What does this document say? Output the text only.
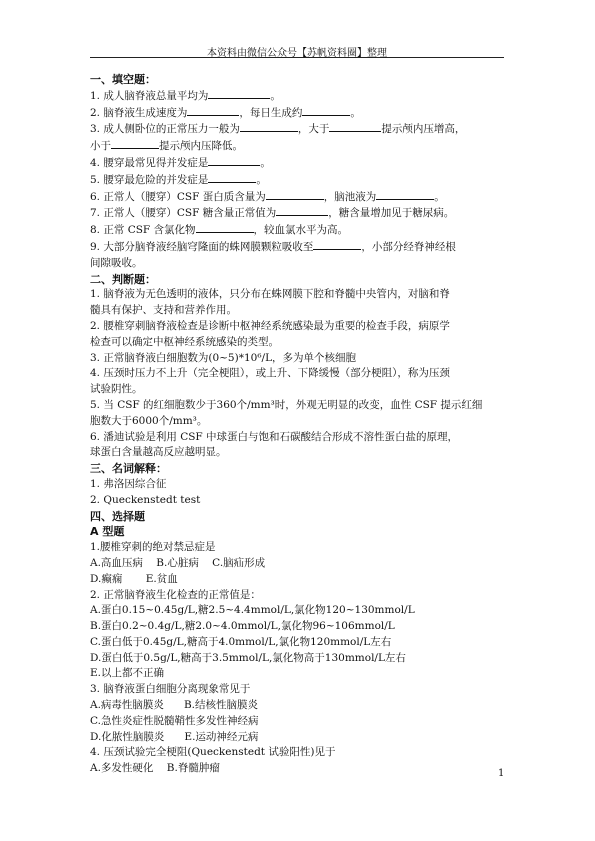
本资料由微信公众号【苏帆资料圈】整理

一、填空题：

1. 成人脑脊液总量平均为	。

2. 脑脊液生成速度为	，每日生成约	。

3. 成人侧卧位的正常压力一般为	，大于	提示颅内压增高，

小于	提示颅内压降低。

4. 腰穿最常见得并发症是	。

5. 腰穿最危险的并发症是	。

6. 正常人（腰穿）CSF 蛋白质含量为	，脑池液为	。

7. 正常人（腰穿）CSF 糖含量正常值为	，糖含量增加见于糖尿病。

8. 正常 CSF 含氯化物	，较血氯水平为高。

9. 大部分脑脊液经脑穹隆面的蛛网膜颗粒吸收至	，小部分经脊神经根

间隙吸收。

二、判断题：

1. 脑脊液为无色透明的液体，只分布在蛛网膜下腔和脊髓中央管内，对脑和脊

髓具有保护、支持和营养作用。

2. 腰椎穿刺脑脊液检查是诊断中枢神经系统感染最为重要的检查手段，病原学

检查可以确定中枢神经系统感染的类型。

3. 正常脑脊液白细胞数为(0~5)*10⁶/L，多为单个核细胞

4. 压颈时压力不上升（完全梗阻），或上升、下降缓慢（部分梗阻），称为压颈

试验阴性。

5. 当 CSF 的红细胞数少于360个/mm³时，外观无明显的改变，血性 CSF 提示红细

胞数大于6000个/mm³。

6. 潘迪试验是利用 CSF 中球蛋白与饱和石碳酸结合形成不溶性蛋白盐的原理，

球蛋白含量越高反应越明显。

三、名词解释：

1. 弗洛因综合征

2. Queckenstedt test

四、选择题

A 型题

1.腰椎穿刺的绝对禁忌症是

A.高血压病    B.心脏病    C.脑疝形成

D.癫痫       E.贫血

2. 正常脑脊液生化检查的正常值是：

A.蛋白0.15~0.45g/L,糖2.5~4.4mmol/L,氯化物120~130mmol/L

B.蛋白0.2~0.4g/L,糖2.0~4.0mmol/L,氯化物96~106mmol/L

C.蛋白低于0.45g/L,糖高于4.0mmol/L,氯化物120mmol/L左右

D.蛋白低于0.5g/L,糖高于3.5mmol/L,氯化物高于130mmol/L左右

E.以上都不正确

3. 脑脊液蛋白细胞分离现象常见于

A.病毒性脑膜炎      B.结核性脑膜炎

C.急性炎症性脱髓鞘性多发性神经病

D.化脓性脑膜炎      E.运动神经元病

4. 压颈试验完全梗阻(Queckenstedt 试验阳性)见于

A.多发性硬化    B.脊髓肿瘤	1
